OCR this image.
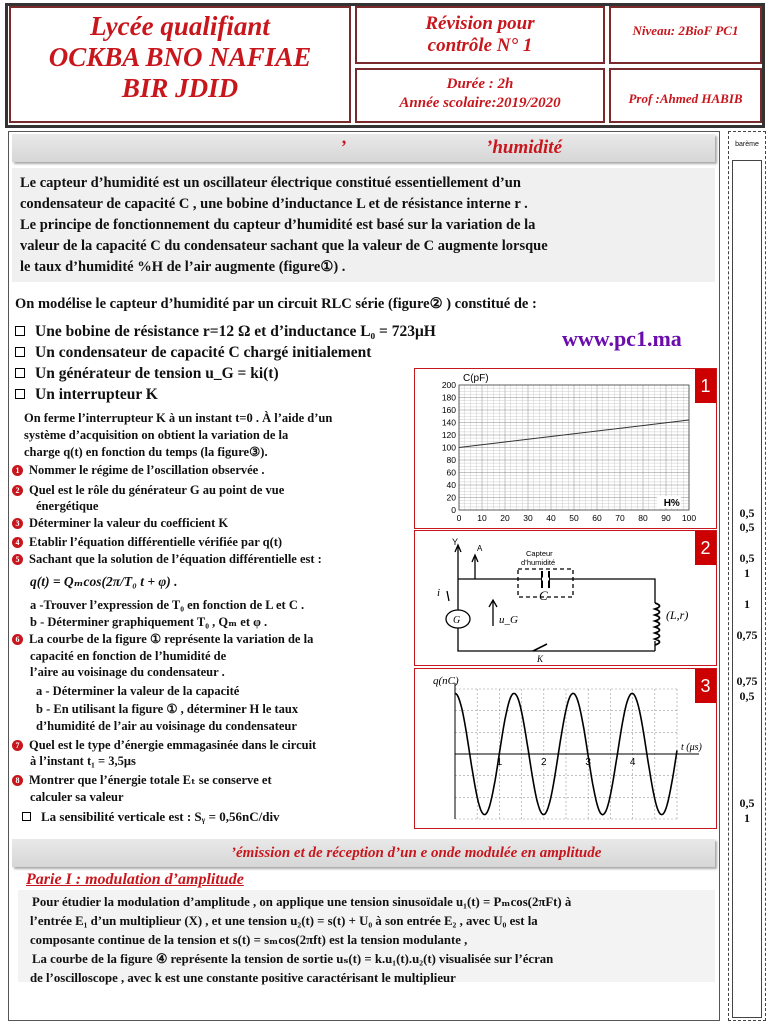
Lycée qualifiant
OCKBA BNO NAFIAE
BIR JDID
Révision pour
contrôle N° 1
Niveau: 2BioF PC1
Durée : 2h
Année scolaire:2019/2020	Prof :Ahmed HABIB
barème
0,5
0,5
0,5
1
1
0,75
0,75
0,5
0,5
1
’	’humidité
Le capteur d’humidité est un oscillateur électrique constitué essentiellement d’un
condensateur de capacité C , une bobine d’inductance L et de résistance interne r .
Le principe de fonctionnement du capteur d’humidité est basé sur la variation de la
valeur de la capacité C du condensateur sachant que la valeur de C augmente lorsque
le taux d’humidité %H de l’air augmente (figure①) .
On modélise le capteur d’humidité par un circuit RLC série (figure② ) constitué de :
Une bobine de résistance r=12 Ω et d’inductance L₀ = 723μH
Un condensateur de capacité C chargé initialement
Un générateur de tension u_G = ki(t)
Un interrupteur K
www.pc1.ma
On ferme l’interrupteur K à un instant t=0 . À l’aide d’un
système d’acquisition on obtient la variation de la
charge q(t) en fonction du temps (la figure③).
1 Nommer le régime de l’oscillation observée .
2 Quel est le rôle du générateur G au point de vue
énergétique
3 Déterminer la valeur du coefficient K
4 Etablir l’équation différentielle vérifiée par q(t)
5 Sachant que la solution de l’équation différentielle est :
q(t) = Qₘcos(2π/T₀ t + φ) .
a -Trouver l’expression de T₀ en fonction de L et C .
b - Déterminer graphiquement T₀ , Qₘ et φ .
6 La courbe de la figure ① représente la variation de la
capacité en fonction de l’humidité de
l’aire au voisinage du condensateur .
a - Déterminer la valeur de la capacité
b - En utilisant la figure ① , déterminer H le taux
d’humidité de l’air au voisinage du condensateur
7 Quel est le type d’énergie emmagasinée dans le circuit
à l’instant t₁ = 3,5μs
8 Montrer que l’énergie totale Eₜ se conserve et
calculer sa valeur
La sensibilité verticale est : Sᵧ = 0,56nC/div
1
0 10 20 30 40 50 60 70 80 90 100
0
20
40
60
80
100
120
140
160
180
200
C(pF)
H%
2
Y
A
Capteur
d’humidité
C
(L,r)
G	u_G
i
K
3
q(nC)
t (μs)
1	2	3	4
’émission et de réception d’un e onde modulée en amplitude
Parie I : modulation d’amplitude
Pour étudier la modulation d’amplitude , on applique une tension sinusoïdale u₁(t) = Pₘcos(2πFt) à
l’entrée E₁ d’un multiplieur (X) , et une tension u₂(t) = s(t) + U₀ à son entrée E₂ , avec U₀ est la
composante continue de la tension et s(t) = sₘcos(2πft) est la tension modulante ,
La courbe de la figure ④ représente la tension de sortie uₛ(t) = k.u₁(t).u₂(t) visualisée sur l’écran
de l’oscilloscope , avec k est une constante positive caractérisant le multiplieur
